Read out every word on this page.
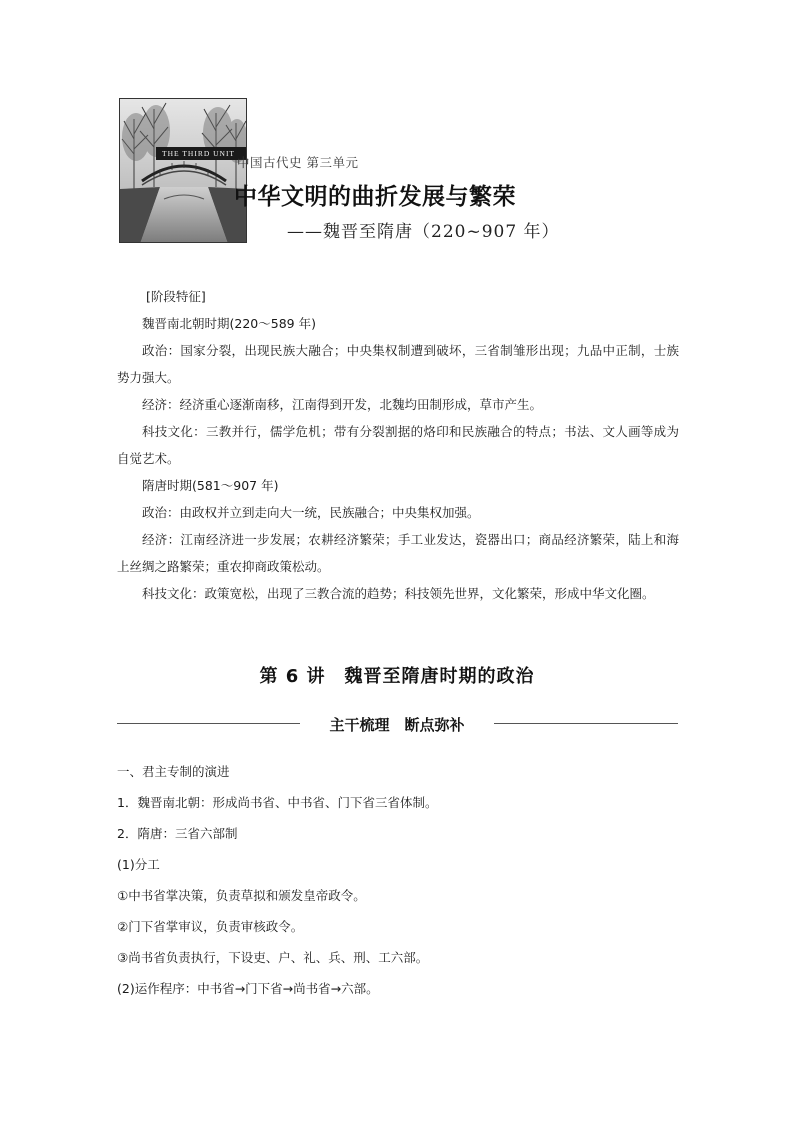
THE THIRD UNIT
中国古代史 第三单元
中华文明的曲折发展与繁荣
——魏晋至隋唐（220~907 年）
[阶段特征]

魏晋南北朝时期(220～589 年)

政治：国家分裂，出现民族大融合；中央集权制遭到破坏，三省制雏形出现；九品中正制，士族势力强大。

经济：经济重心逐渐南移，江南得到开发，北魏均田制形成，草市产生。

科技文化：三教并行，儒学危机；带有分裂割据的烙印和民族融合的特点；书法、文人画等成为自觉艺术。

隋唐时期(581～907 年)

政治：由政权并立到走向大一统，民族融合；中央集权加强。

经济：江南经济进一步发展；农耕经济繁荣；手工业发达，瓷器出口；商品经济繁荣，陆上和海上丝绸之路繁荣；重农抑商政策松动。

科技文化：政策宽松，出现了三教合流的趋势；科技领先世界，文化繁荣，形成中华文化圈。

第 6 讲　魏晋至隋唐时期的政治
主干梳理　断点弥补
一、君主专制的演进
1．魏晋南北朝：形成尚书省、中书省、门下省三省体制。
2．隋唐：三省六部制
(1)分工
①中书省掌决策，负责草拟和颁发皇帝政令。
②门下省掌审议，负责审核政令。
③尚书省负责执行，下设吏、户、礼、兵、刑、工六部。
(2)运作程序：中书省→门下省→尚书省→六部。
